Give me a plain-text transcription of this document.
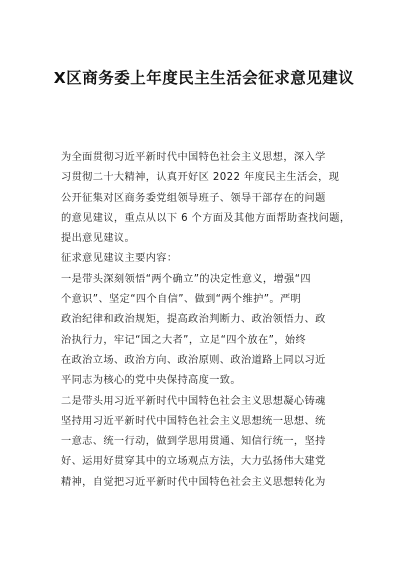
X区商务委上年度民主生活会征求意见建议
为全面贯彻习近平新时代中国特色社会主义思想，深入学
习贯彻二十大精神，认真开好区 2022 年度民主生活会，现
公开征集对区商务委党组领导班子、领导干部存在的问题
的意见建议，重点从以下 6 个方面及其他方面帮助查找问题，
提出意见建议。
征求意见建议主要内容：
一是带头深刻领悟“两个确立”的决定性意义，增强“四
个意识”、坚定“四个自信”、做到“两个维护”。严明
政治纪律和政治规矩，提高政治判断力、政治领悟力、政
治执行力，牢记“国之大者”，立足“四个放在”，始终
在政治立场、政治方向、政治原则、政治道路上同以习近
平同志为核心的党中央保持高度一致。
二是带头用习近平新时代中国特色社会主义思想凝心铸魂
坚持用习近平新时代中国特色社会主义思想统一思想、统
一意志、统一行动，做到学思用贯通、知信行统一，坚持
好、运用好贯穿其中的立场观点方法，大力弘扬伟大建党
精神，自觉把习近平新时代中国特色社会主义思想转化为
